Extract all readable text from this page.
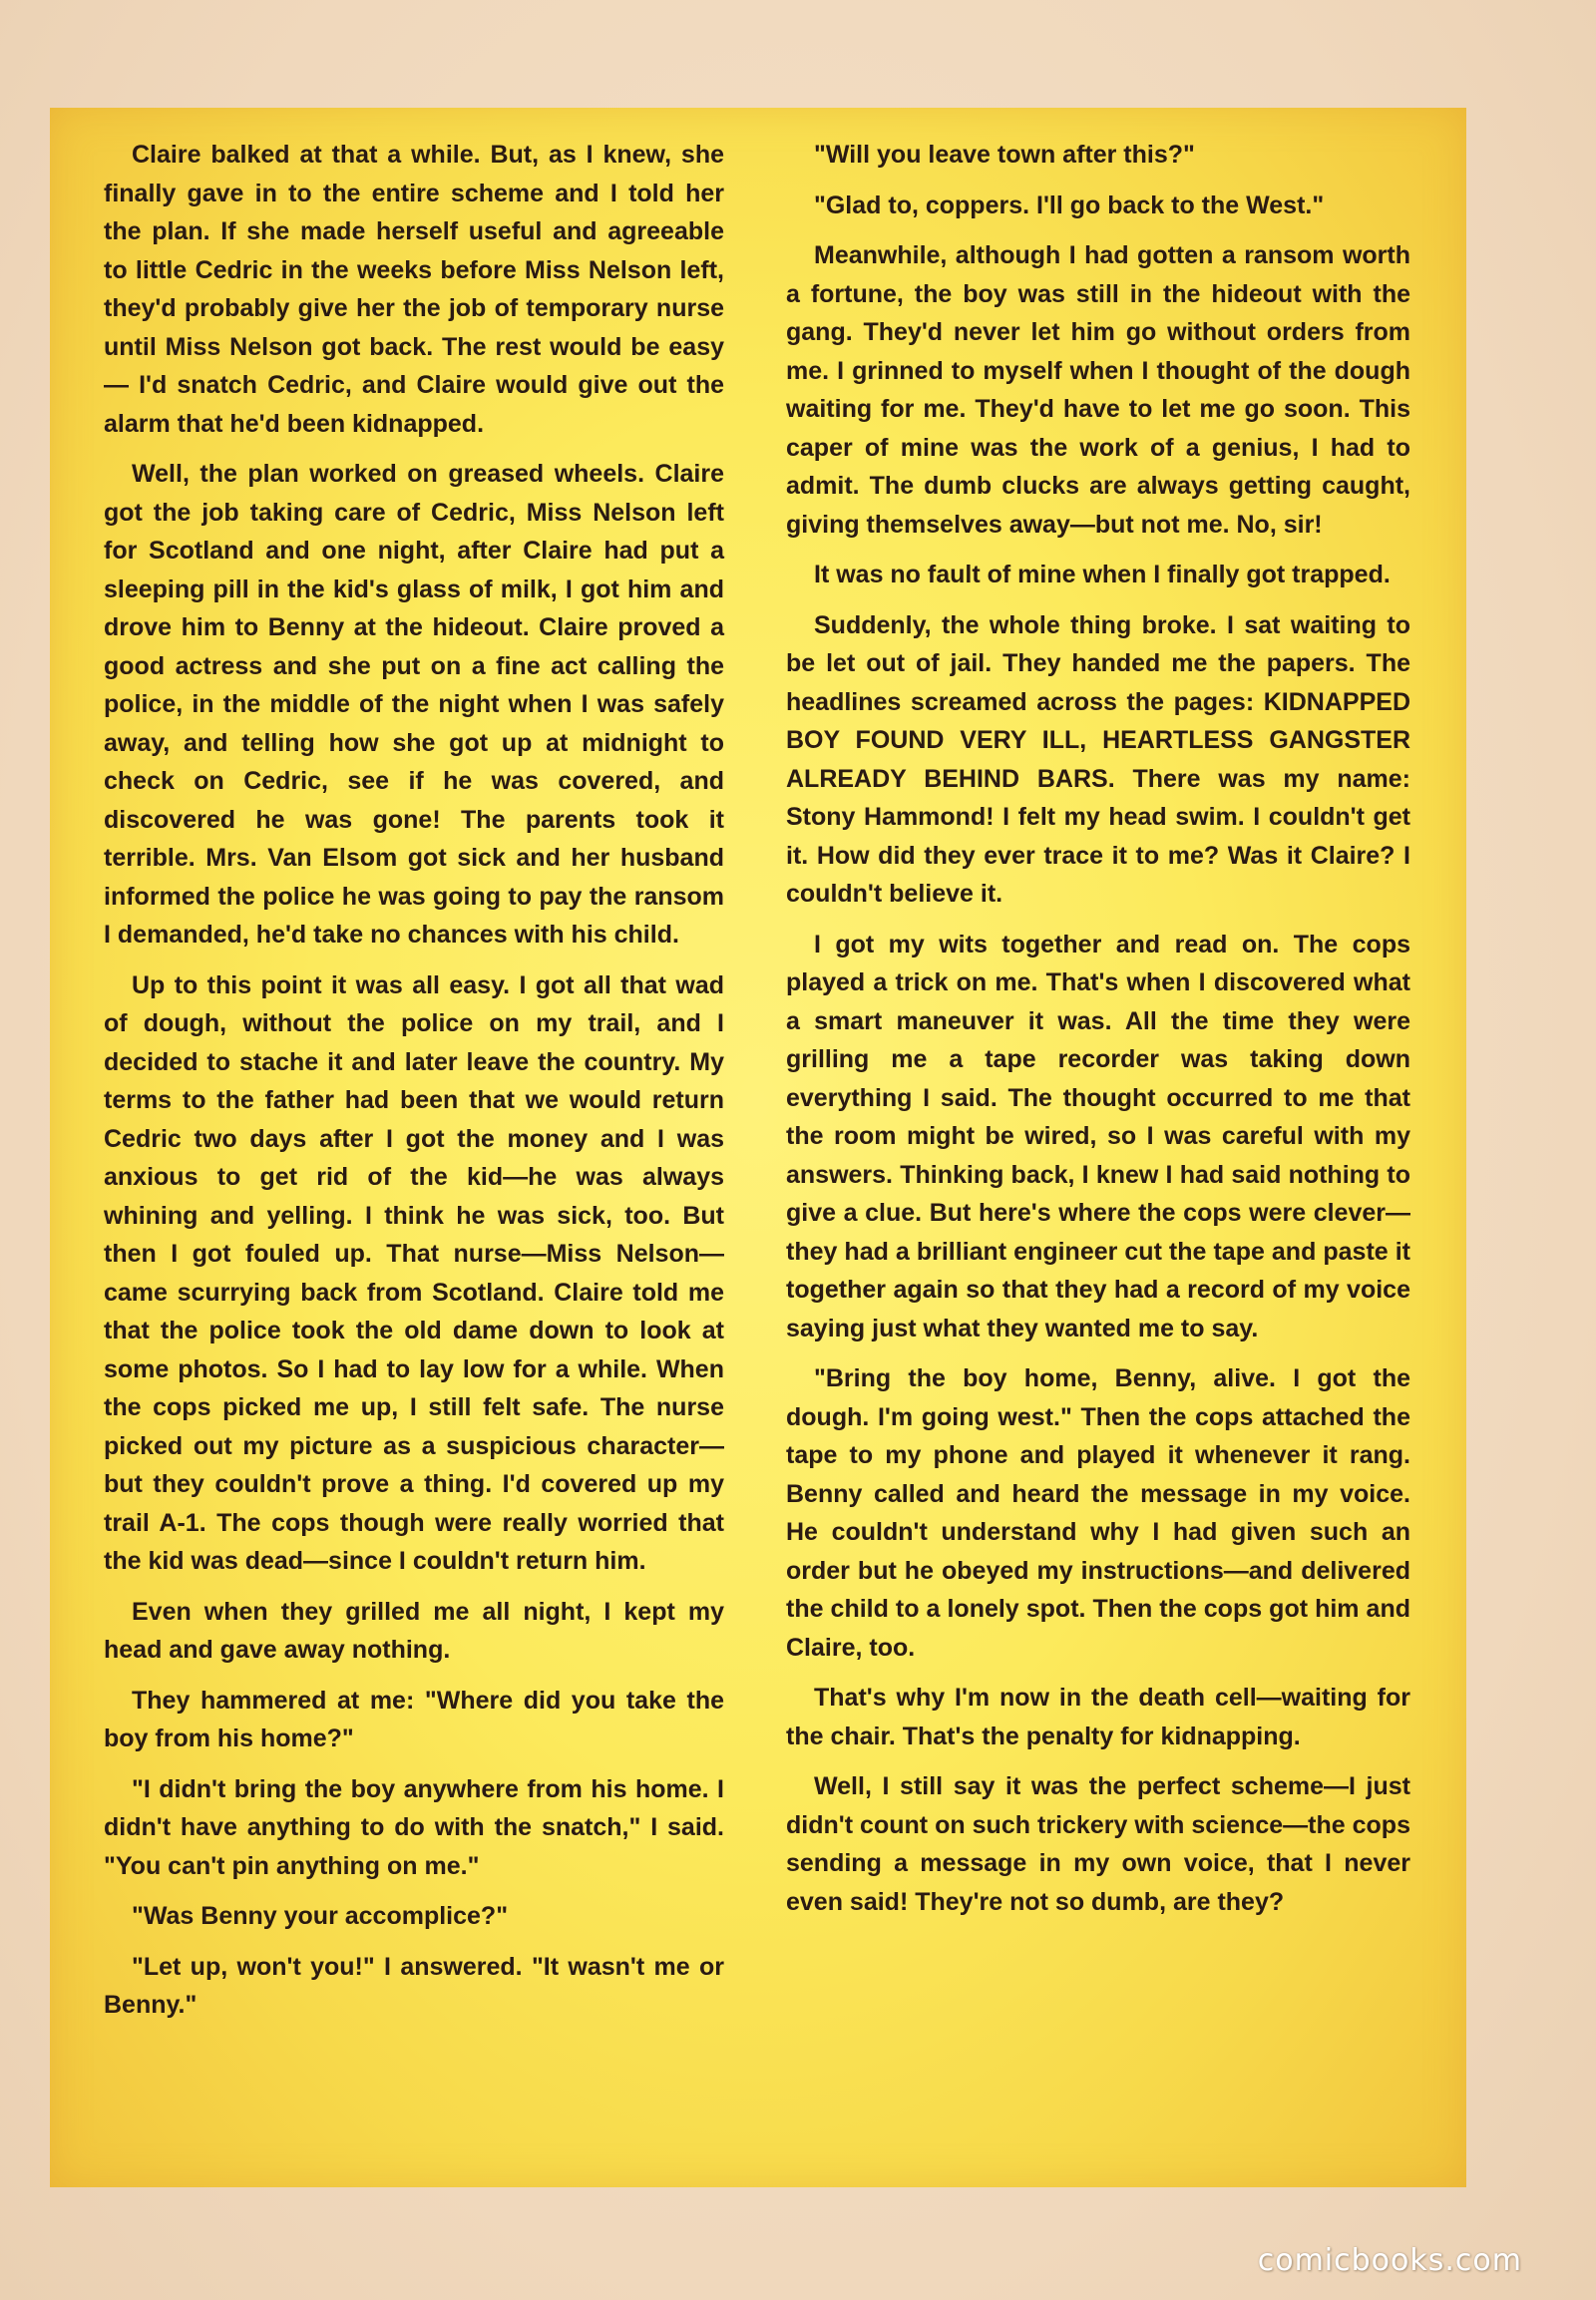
Claire balked at that a while. But, as I knew, she finally gave in to the entire scheme and I told her the plan. If she made herself useful and agreeable to little Cedric in the weeks before Miss Nelson left, they'd probably give her the job of temporary nurse until Miss Nelson got back. The rest would be easy — I'd snatch Cedric, and Claire would give out the alarm that he'd been kidnapped.

Well, the plan worked on greased wheels. Claire got the job taking care of Cedric, Miss Nelson left for Scotland and one night, after Claire had put a sleeping pill in the kid's glass of milk, I got him and drove him to Benny at the hideout. Claire proved a good actress and she put on a fine act calling the police, in the middle of the night when I was safely away, and telling how she got up at midnight to check on Cedric, see if he was covered, and discovered he was gone! The parents took it terrible. Mrs. Van Elsom got sick and her husband informed the police he was going to pay the ransom I demanded, he'd take no chances with his child.

Up to this point it was all easy. I got all that wad of dough, without the police on my trail, and I decided to stache it and later leave the country. My terms to the father had been that we would return Cedric two days after I got the money and I was anxious to get rid of the kid—he was always whining and yelling. I think he was sick, too. But then I got fouled up. That nurse—Miss Nelson—came scurrying back from Scotland. Claire told me that the police took the old dame down to look at some photos. So I had to lay low for a while. When the cops picked me up, I still felt safe. The nurse picked out my picture as a suspicious character—but they couldn't prove a thing. I'd covered up my trail A-1. The cops though were really worried that the kid was dead—since I couldn't return him.

Even when they grilled me all night, I kept my head and gave away nothing.

They hammered at me: "Where did you take the boy from his home?"

"I didn't bring the boy anywhere from his home. I didn't have anything to do with the snatch," I said. "You can't pin anything on me."

"Was Benny your accomplice?"

"Let up, won't you!" I answered. "It wasn't me or Benny."

"Will you leave town after this?"

"Glad to, coppers. I'll go back to the West."

Meanwhile, although I had gotten a ransom worth a fortune, the boy was still in the hideout with the gang. They'd never let him go without orders from me. I grinned to myself when I thought of the dough waiting for me. They'd have to let me go soon. This caper of mine was the work of a genius, I had to admit. The dumb clucks are always getting caught, giving themselves away—but not me. No, sir!

It was no fault of mine when I finally got trapped.

Suddenly, the whole thing broke. I sat waiting to be let out of jail. They handed me the papers. The headlines screamed across the pages: KIDNAPPED BOY FOUND VERY ILL, HEARTLESS GANGSTER ALREADY BEHIND BARS. There was my name: Stony Hammond! I felt my head swim. I couldn't get it. How did they ever trace it to me? Was it Claire? I couldn't believe it.

I got my wits together and read on. The cops played a trick on me. That's when I discovered what a smart maneuver it was. All the time they were grilling me a tape recorder was taking down everything I said. The thought occurred to me that the room might be wired, so I was careful with my answers. Thinking back, I knew I had said nothing to give a clue. But here's where the cops were clever—they had a brilliant engineer cut the tape and paste it together again so that they had a record of my voice saying just what they wanted me to say.

"Bring the boy home, Benny, alive. I got the dough. I'm going west." Then the cops attached the tape to my phone and played it whenever it rang. Benny called and heard the message in my voice. He couldn't understand why I had given such an order but he obeyed my instructions—and delivered the child to a lonely spot. Then the cops got him and Claire, too.

That's why I'm now in the death cell—waiting for the chair. That's the penalty for kidnapping.

Well, I still say it was the perfect scheme—I just didn't count on such trickery with science—the cops sending a message in my own voice, that I never even said! They're not so dumb, are they?

comicbooks.com
